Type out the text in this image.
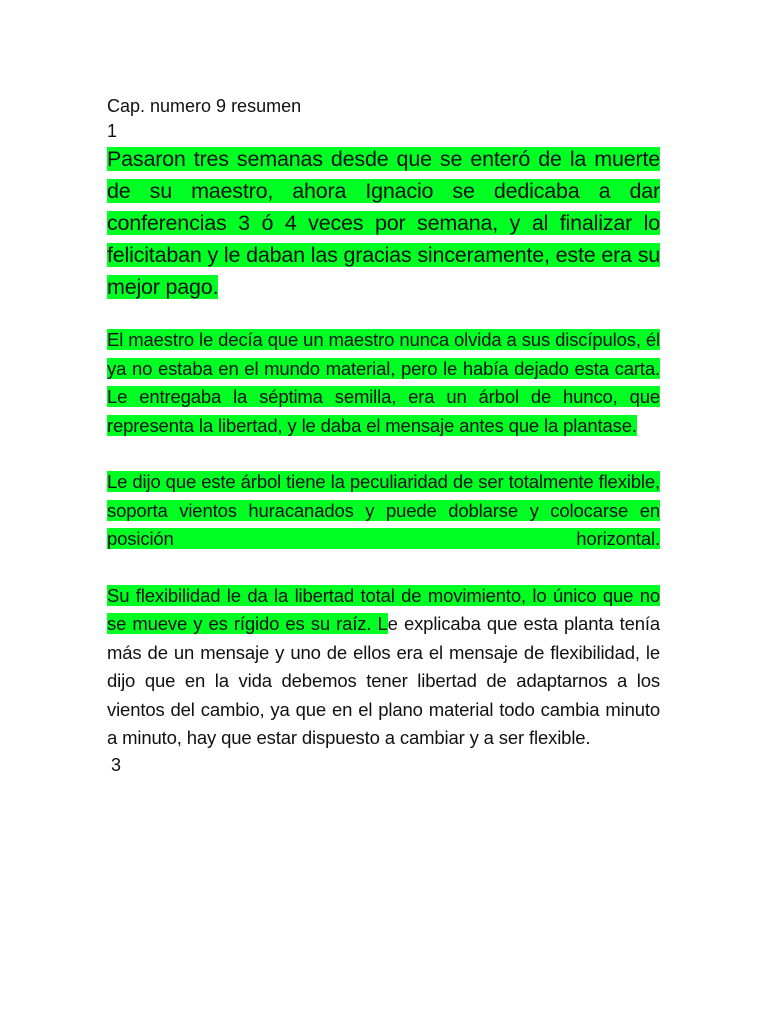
Cap. numero 9 resumen

1

Pasaron tres semanas desde que se enteró de la muerte de su maestro, ahora Ignacio se dedicaba a dar conferencias 3 ó 4 veces por semana, y al finalizar lo felicitaban y le daban las gracias sinceramente, este era su mejor pago.

El maestro le decía que un maestro nunca olvida a sus discípulos, él ya no estaba en el mundo material, pero le había dejado esta carta. Le entregaba la séptima semilla, era un árbol de hunco, que representa la libertad, y le daba el mensaje antes que la plantase.

Le dijo que este árbol tiene la peculiaridad de ser totalmente flexible, soporta vientos huracanados y puede doblarse y colocarse en posición horizontal.

Su flexibilidad le da la libertad total de movimiento, lo único que no se mueve y es rígido es su raíz. Le explicaba que esta planta tenía más de un mensaje y uno de ellos era el mensaje de flexibilidad, le dijo que en la vida debemos tener libertad de adaptarnos a los vientos del cambio, ya que en el plano material todo cambia minuto a minuto, hay que estar dispuesto a cambiar y a ser flexible.

3
